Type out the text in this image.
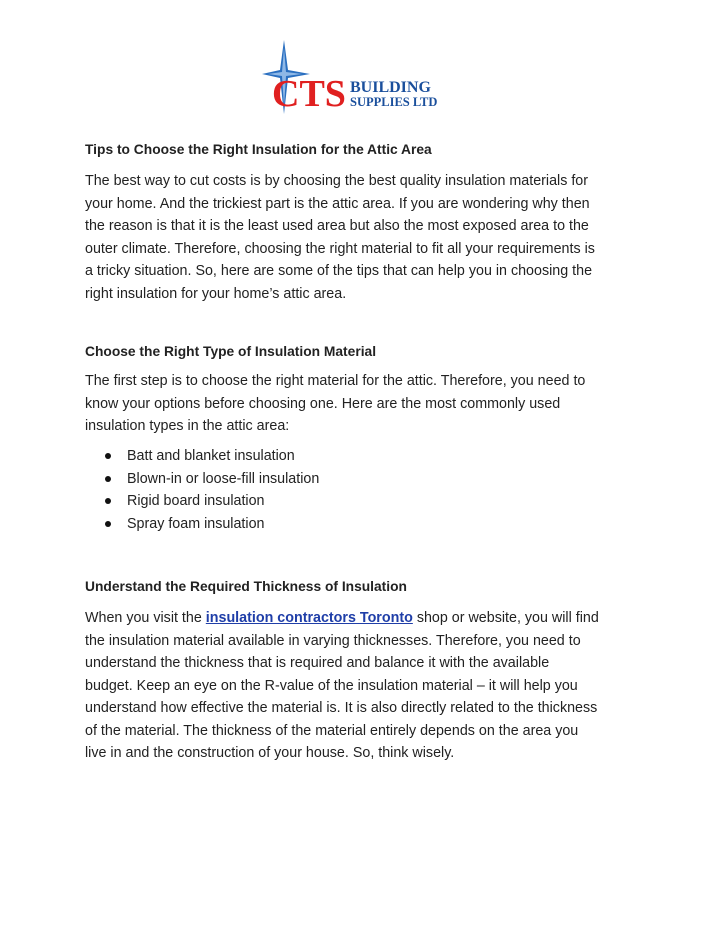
CTS BUILDING
SUPPLIES LTD
Tips to Choose the Right Insulation for the Attic Area
The best way to cut costs is by choosing the best quality insulation materials for
your home. And the trickiest part is the attic area. If you are wondering why then
the reason is that it is the least used area but also the most exposed area to the
outer climate. Therefore, choosing the right material to fit all your requirements is
a tricky situation. So, here are some of the tips that can help you in choosing the
right insulation for your home’s attic area.
Choose the Right Type of Insulation Material
The first step is to choose the right material for the attic. Therefore, you need to
know your options before choosing one. Here are the most commonly used
insulation types in the attic area:
Batt and blanket insulation
Blown-in or loose-fill insulation
Rigid board insulation
Spray foam insulation
Understand the Required Thickness of Insulation
When you visit the insulation contractors Toronto shop or website, you will find
the insulation material available in varying thicknesses. Therefore, you need to
understand the thickness that is required and balance it with the available
budget. Keep an eye on the R-value of the insulation material – it will help you
understand how effective the material is. It is also directly related to the thickness
of the material. The thickness of the material entirely depends on the area you
live in and the construction of your house. So, think wisely.
